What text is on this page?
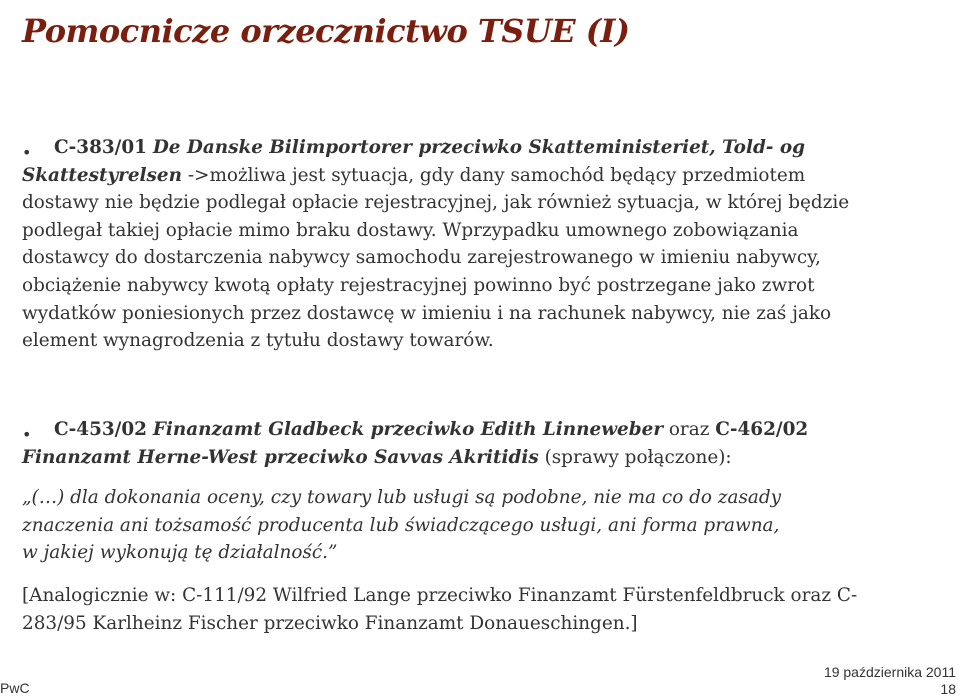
Pomocnicze orzecznictwo TSUE (I)
• C-383/01 De Danske Bilimportorer przeciwko Skatteministeriet, Told- og
Skattestyrelsen ->możliwa jest sytuacja, gdy dany samochód będący przedmiotem
dostawy nie będzie podlegał opłacie rejestracyjnej, jak również sytuacja, w której będzie
podlegał takiej opłacie mimo braku dostawy. Wprzypadku umownego zobowiązania
dostawcy do dostarczenia nabywcy samochodu zarejestrowanego w imieniu nabywcy,
obciążenie nabywcy kwotą opłaty rejestracyjnej powinno być postrzegane jako zwrot
wydatków poniesionych przez dostawcę w imieniu i na rachunek nabywcy, nie zaś jako
element wynagrodzenia z tytułu dostawy towarów.
• C-453/02 Finanzamt Gladbeck przeciwko Edith Linneweber oraz C-462/02
Finanzamt Herne-West przeciwko Savvas Akritidis (sprawy połączone):
„(…) dla dokonania oceny, czy towary lub usługi są podobne, nie ma co do zasady
znaczenia ani tożsamość producenta lub świadczącego usługi, ani forma prawna,
w jakiej wykonują tę działalność.”
[Analogicznie w: C-111/92 Wilfried Lange przeciwko Finanzamt Fürstenfeldbruck oraz C-
283/95 Karlheinz Fischer przeciwko Finanzamt Donaueschingen.]
PwC
19 października 2011
18
